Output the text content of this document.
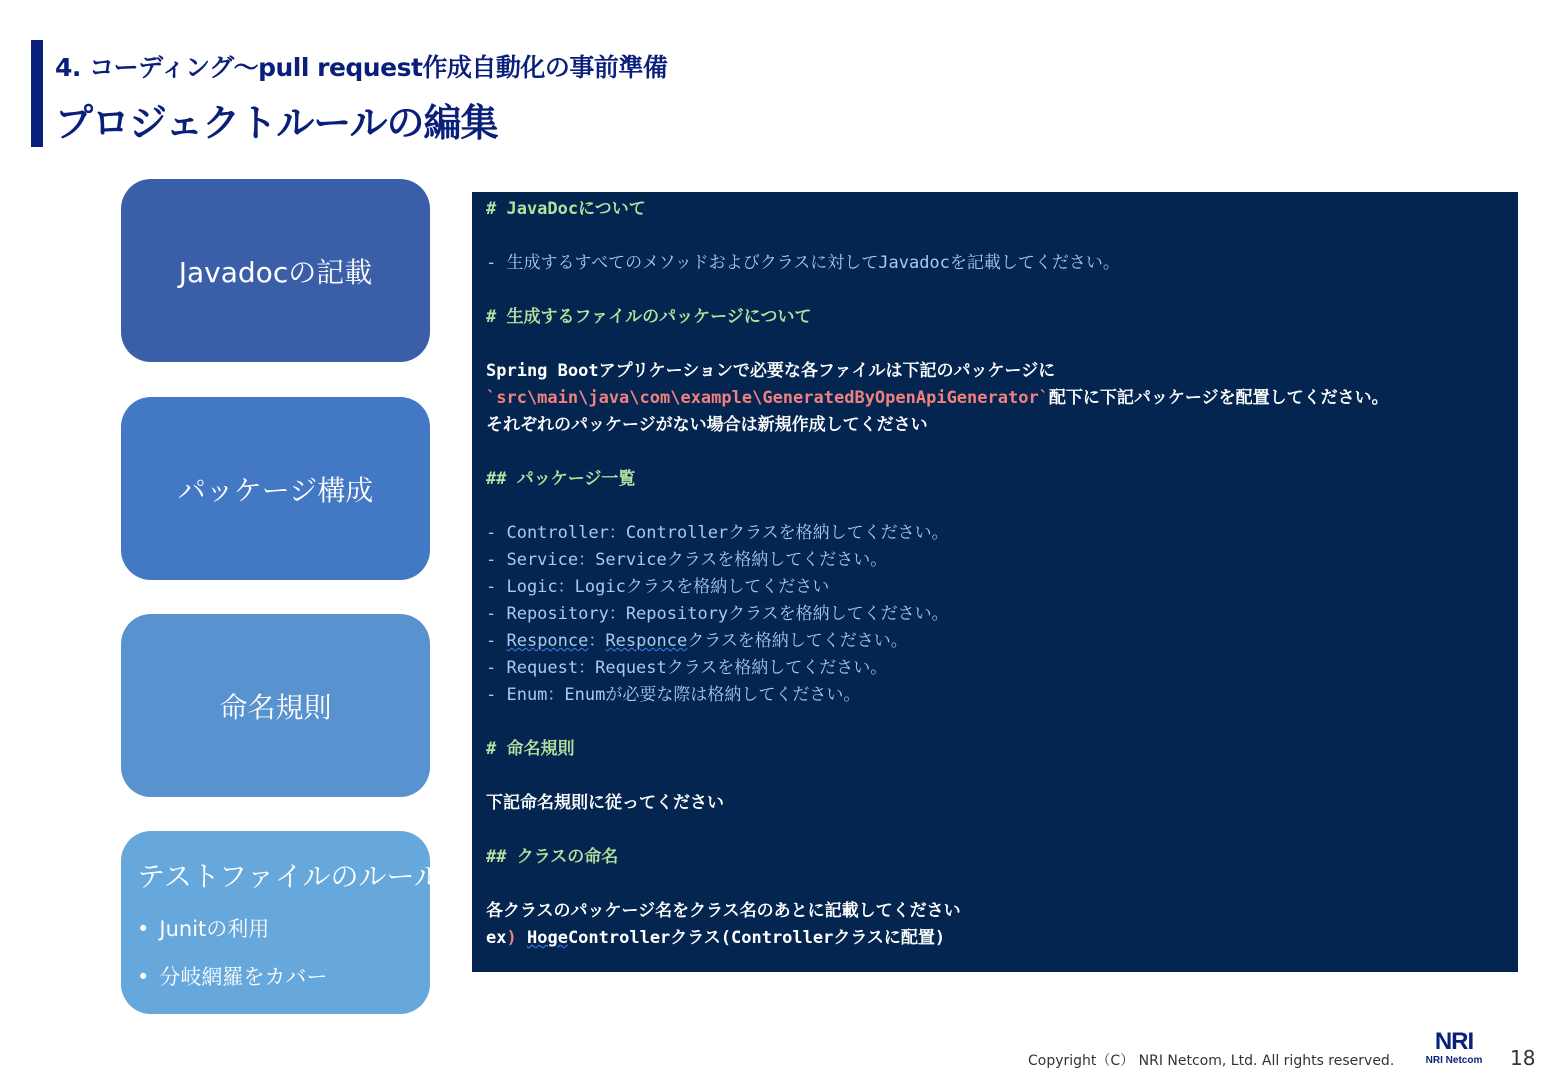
4. コーディング～pull request作成自動化の事前準備
プロジェクトルールの編集
Javadocの記載
パッケージ構成
命名規則
テストファイルのルール
• Junitの利用
• 分岐網羅をカバー
# JavaDocについて
- 生成するすべてのメソッドおよびクラスに対してJavadocを記載してください。
# 生成するファイルのパッケージについて
Spring Bootアプリケーションで必要な各ファイルは下記のパッケージに
`src\main\java\com\example\GeneratedByOpenApiGenerator`配下に下記パッケージを配置してください。
それぞれのパッケージがない場合は新規作成してください
## パッケージ一覧
- Controller：Controllerクラスを格納してください。
- Service：Serviceクラスを格納してください。
- Logic：Logicクラスを格納してください
- Repository：Repositoryクラスを格納してください。
- Responce：Responceクラスを格納してください。
- Request：Requestクラスを格納してください。
- Enum：Enumが必要な際は格納してください。
# 命名規則
下記命名規則に従ってください
## クラスの命名
各クラスのパッケージ名をクラス名のあとに記載してください
ex) HogeControllerクラス(Controllerクラスに配置)
Copyright（C） NRI Netcom, Ltd. All rights reserved.
NRI
NRI Netcom 18
